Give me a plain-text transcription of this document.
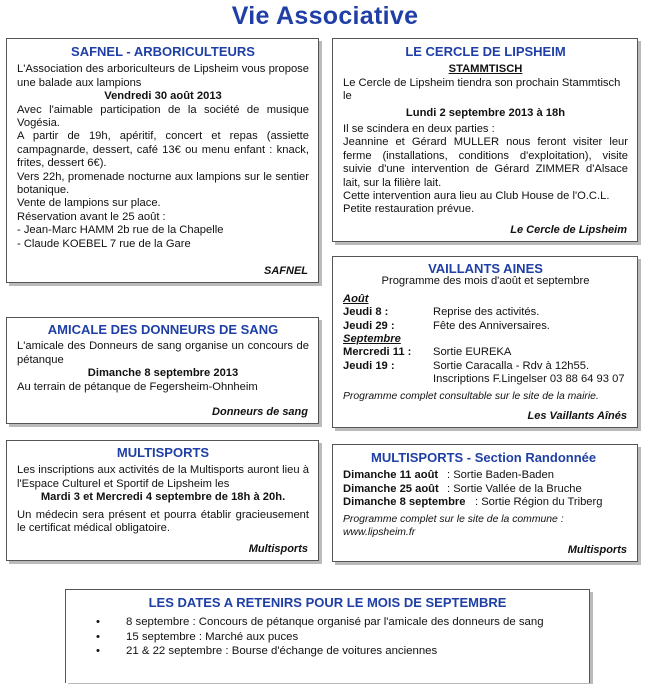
Vie Associative
SAFNEL - ARBORICULTEURS

L'Association des arboriculteurs de Lipsheim vous propose une balade aux lampions

Vendredi 30 août 2013

Avec l'aimable participation de la société de musique Vogésia.

A partir de 19h, apéritif, concert et repas (assiette campagnarde, dessert, café 13€ ou menu enfant : knack, frites, dessert 6€).

Vers 22h, promenade nocturne aux lampions sur le sentier botanique.

Vente de lampions sur place.

Réservation avant le 25 août :

- Jean-Marc HAMM 2b rue de la Chapelle

- Claude KOEBEL 7 rue de la Gare

SAFNEL
LE CERCLE DE LIPSHEIM

STAMMTISCH

Le Cercle de Lipsheim tiendra son prochain Stammtisch le

Lundi 2 septembre 2013 à 18h

Il se scindera en deux parties :

Jeannine et Gérard MULLER nous feront visiter leur ferme (installations, conditions d'exploitation), visite suivie d'une intervention de Gérard ZIMMER d'Alsace lait, sur la filière lait.

Cette intervention aura lieu au Club House de l'O.C.L.

Petite restauration prévue.

Le Cercle de Lipsheim
VAILLANTS AINES

Programme des mois d'août et septembre

Août

Jeudi 8 :	Reprise des activités.
Jeudi 29 :	Fête des Anniversaires.

Septembre

Mercredi 11 :	Sortie EUREKA
Jeudi 19 :	Sortie Caracalla - Rdv à 12h55.
Inscriptions F.Lingelser 03 88 64 93 07

Programme complet consultable sur le site de la mairie.

Les Vaillants Aînés
AMICALE DES DONNEURS DE SANG

L'amicale des Donneurs de sang organise un concours de pétanque

Dimanche 8 septembre 2013

Au terrain de pétanque de Fegersheim-Ohnheim

Donneurs de sang
MULTISPORTS

Les inscriptions aux activités de la Multisports auront lieu à l'Espace Culturel et Sportif de Lipsheim les

Mardi 3 et Mercredi 4 septembre de 18h à 20h.

Un médecin sera présent et pourra établir gracieusement le certificat médical obligatoire.

Multisports
MULTISPORTS - Section Randonnée
Dimanche 11 août : Sortie Baden-Baden
Dimanche 25 août : Sortie Vallée de la Bruche
Dimanche 8 septembre : Sortie Région du Triberg

Programme complet sur le site de la commune :

www.lipsheim.fr

Multisports
LES DATES A RETENIRS POUR LE MOIS DE SEPTEMBRE
• 8 septembre : Concours de pétanque organisé par l'amicale des donneurs de sang
• 15 septembre : Marché aux puces
• 21 & 22 septembre : Bourse d'échange de voitures anciennes
